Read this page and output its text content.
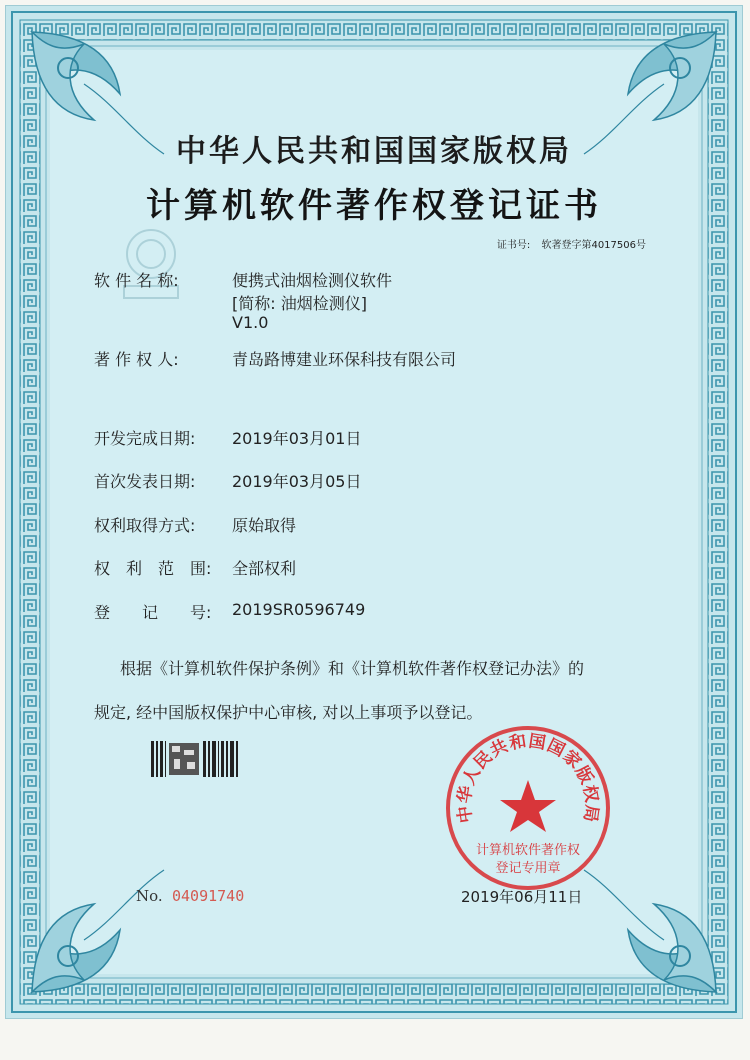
中华人民共和国国家版权局
计算机软件著作权登记证书
证书号: 软著登字第4017506号
软 件 名 称:	便携式油烟检测仪软件
[简称: 油烟检测仪]
V1.0
著 作 权 人:	青岛路博建业环保科技有限公司
开发完成日期:	2019年03月01日
首次发表日期:	2019年03月05日
权利取得方式:	原始取得
权　利　范　围:	全部权利
登　　记　　号:	2019SR0596749
根据《计算机软件保护条例》和《计算机软件著作权登记办法》的
规定, 经中国版权保护中心审核, 对以上事项予以登记。
中华人民共和国国家版权局
计算机软件著作权
登记专用章
No. 04091740	2019年06月11日
